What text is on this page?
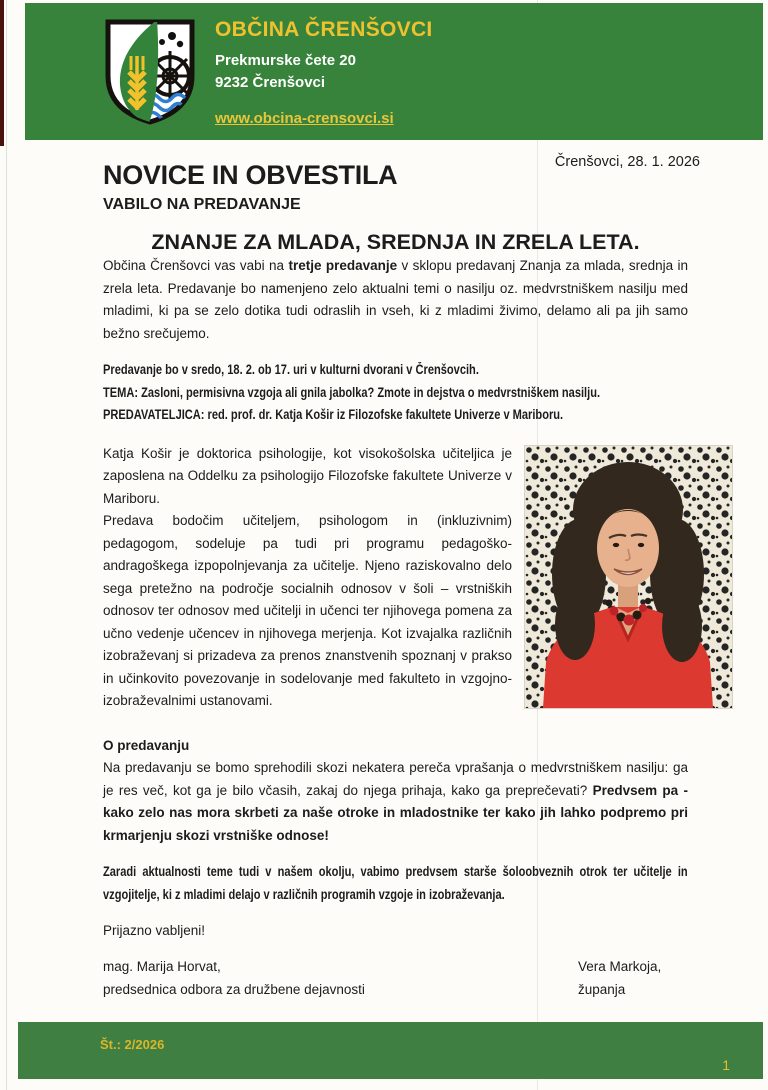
OBČINA ČRENŠOVCI
Prekmurske čete 20
9232 Črenšovci
www.obcina-crensovci.si
Črenšovci, 28. 1. 2026
NOVICE IN OBVESTILA
VABILO NA PREDAVANJE
ZNANJE ZA MLADA, SREDNJA IN ZRELA LETA.

Občina Črenšovci vas vabi na tretje predavanje v sklopu predavanj Znanja za mlada, srednja in zrela leta. Predavanje bo namenjeno zelo aktualni temi o nasilju oz. medvrstniškem nasilju med mladimi, ki pa se zelo dotika tudi odraslih in vseh, ki z mladimi živimo, delamo ali pa jih samo bežno srečujemo.

Predavanje bo v sredo, 18. 2. ob 17. uri v kulturni dvorani v Črenšovcih.
TEMA: Zasloni, permisivna vzgoja ali gnila jabolka? Zmote in dejstva o medvrstniškem nasilju.
PREDAVATELJICA: red. prof. dr. Katja Košir iz Filozofske fakultete Univerze v Mariboru.

Katja Košir je doktorica psihologije, kot visokošolska učiteljica je zaposlena na Oddelku za psihologijo Filozofske fakultete Univerze v Mariboru.

Predava bodočim učiteljem, psihologom in (inkluzivnim) pedagogom, sodeluje pa tudi pri programu pedagoško-andragoškega izpopolnjevanja za učitelje. Njeno raziskovalno delo sega pretežno na področje socialnih odnosov v šoli – vrstniških odnosov ter odnosov med učitelji in učenci ter njihovega pomena za učno vedenje učencev in njihovega merjenja. Kot izvajalka različnih izobraževanj si prizadeva za prenos znanstvenih spoznanj v prakso in učinkovito povezovanje in sodelovanje med fakulteto in vzgojno-izobraževalnimi ustanovami.

O predavanju

Na predavanju se bomo sprehodili skozi nekatera pereča vprašanja o medvrstniškem nasilju: ga je res več, kot ga je bilo včasih, zakaj do njega prihaja, kako ga preprečevati? Predvsem pa - kako zelo nas mora skrbeti za naše otroke in mladostnike ter kako jih lahko podpremo pri krmarjenju skozi vrstniške odnose!

Zaradi aktualnosti teme tudi v našem okolju, vabimo predvsem starše šoloobveznih otrok ter učitelje in vzgojitelje, ki z mladimi delajo v različnih programih vzgoje in izobraževanja.

Prijazno vabljeni!

mag. Marija Horvat,
predsednica odbora za družbene dejavnosti
Vera Markoja,
županja
Št.: 2/2026
1
